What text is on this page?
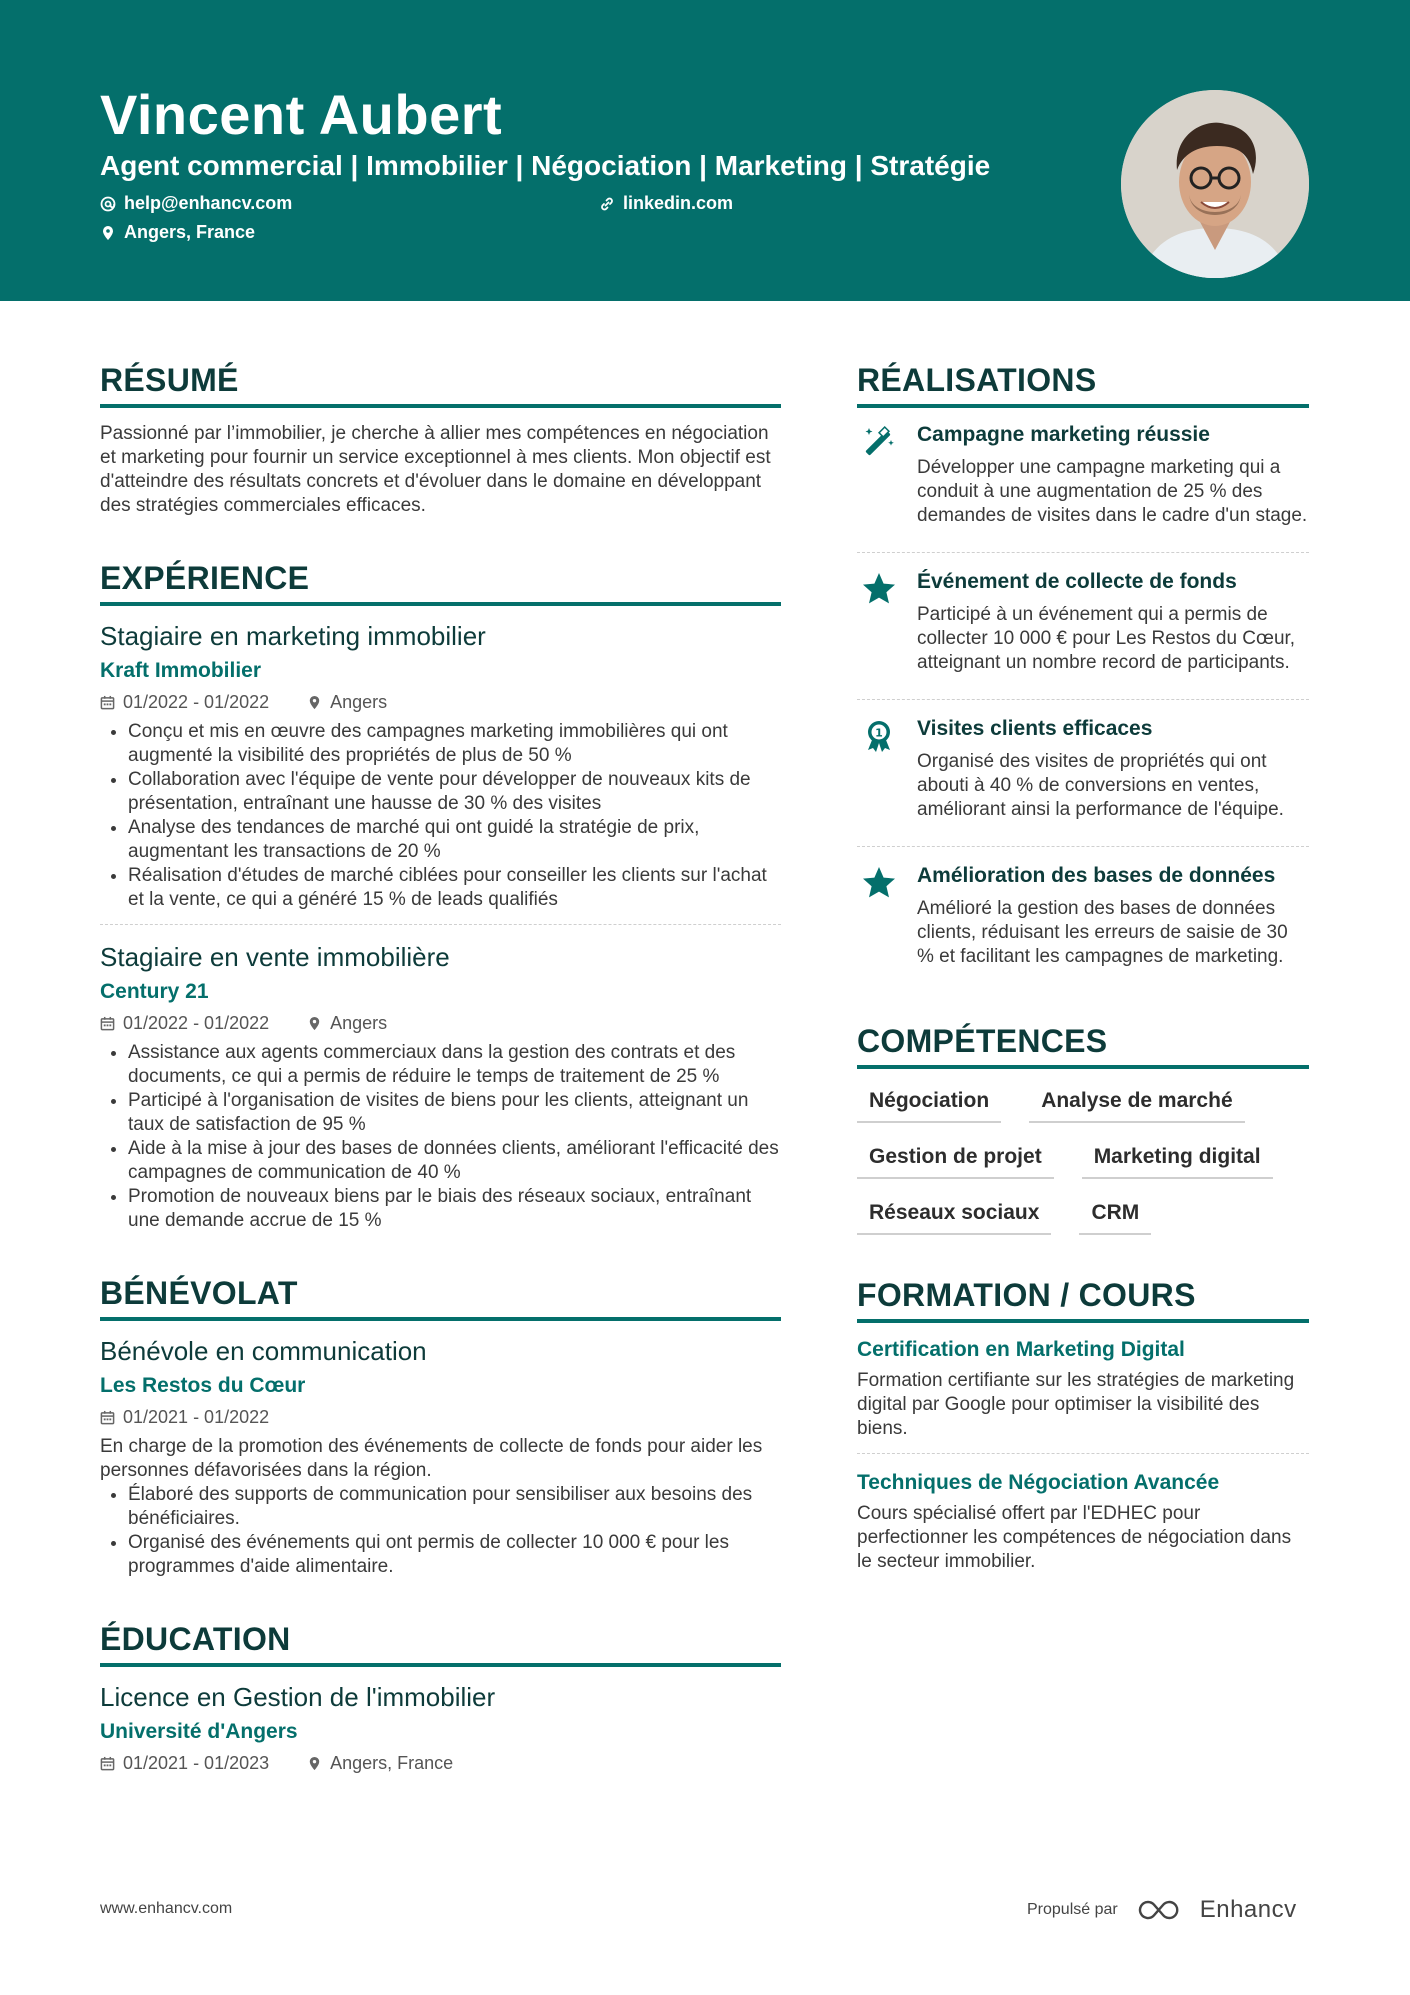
Vincent Aubert
Agent commercial | Immobilier | Négociation | Marketing | Stratégie
help@enhancv.com	linkedin.com
Angers, France
RÉSUMÉ

Passionné par l’immobilier, je cherche à allier mes compétences en négociation et marketing pour fournir un service exceptionnel à mes clients. Mon objectif est d'atteindre des résultats concrets et d'évoluer dans le domaine en développant des stratégies commerciales efficaces.

EXPÉRIENCE
Stagiaire en marketing immobilier
Kraft Immobilier
01/2022 - 01/2022	Angers
• Conçu et mis en œuvre des campagnes marketing immobilières qui ont augmenté la visibilité des propriétés de plus de 50 %
• Collaboration avec l'équipe de vente pour développer de nouveaux kits de présentation, entraînant une hausse de 30 % des visites
• Analyse des tendances de marché qui ont guidé la stratégie de prix, augmentant les transactions de 20 %
• Réalisation d'études de marché ciblées pour conseiller les clients sur l'achat et la vente, ce qui a généré 15 % de leads qualifiés
Stagiaire en vente immobilière
Century 21
01/2022 - 01/2022	Angers
• Assistance aux agents commerciaux dans la gestion des contrats et des documents, ce qui a permis de réduire le temps de traitement de 25 %
• Participé à l'organisation de visites de biens pour les clients, atteignant un taux de satisfaction de 95 %
• Aide à la mise à jour des bases de données clients, améliorant l'efficacité des campagnes de communication de 40 %
• Promotion de nouveaux biens par le biais des réseaux sociaux, entraînant une demande accrue de 15 %
BÉNÉVOLAT
Bénévole en communication
Les Restos du Cœur
01/2021 - 01/2022

En charge de la promotion des événements de collecte de fonds pour aider les personnes défavorisées dans la région.

• Élaboré des supports de communication pour sensibiliser aux besoins des bénéficiaires.
• Organisé des événements qui ont permis de collecter 10 000 € pour les programmes d'aide alimentaire.
ÉDUCATION
Licence en Gestion de l'immobilier
Université d'Angers
01/2021 - 01/2023	Angers, France
RÉALISATIONS
Campagne marketing réussie

Développer une campagne marketing qui a conduit à une augmentation de 25 % des demandes de visites dans le cadre d'un stage.

Événement de collecte de fonds

Participé à un événement qui a permis de collecter 10 000 € pour Les Restos du Cœur, atteignant un nombre record de participants.

1 Visites clients efficaces

Organisé des visites de propriétés qui ont abouti à 40 % de conversions en ventes, améliorant ainsi la performance de l'équipe.

Amélioration des bases de données

Amélioré la gestion des bases de données clients, réduisant les erreurs de saisie de 30 % et facilitant les campagnes de marketing.

COMPÉTENCES
Négociation	Analyse de marché
Gestion de projet	Marketing digital
Réseaux sociaux	CRM
FORMATION / COURS
Certification en Marketing Digital

Formation certifiante sur les stratégies de marketing digital par Google pour optimiser la visibilité des biens.

Techniques de Négociation Avancée

Cours spécialisé offert par l'EDHEC pour perfectionner les compétences de négociation dans le secteur immobilier.

www.enhancv.com	Propulsé par	Enhancv
